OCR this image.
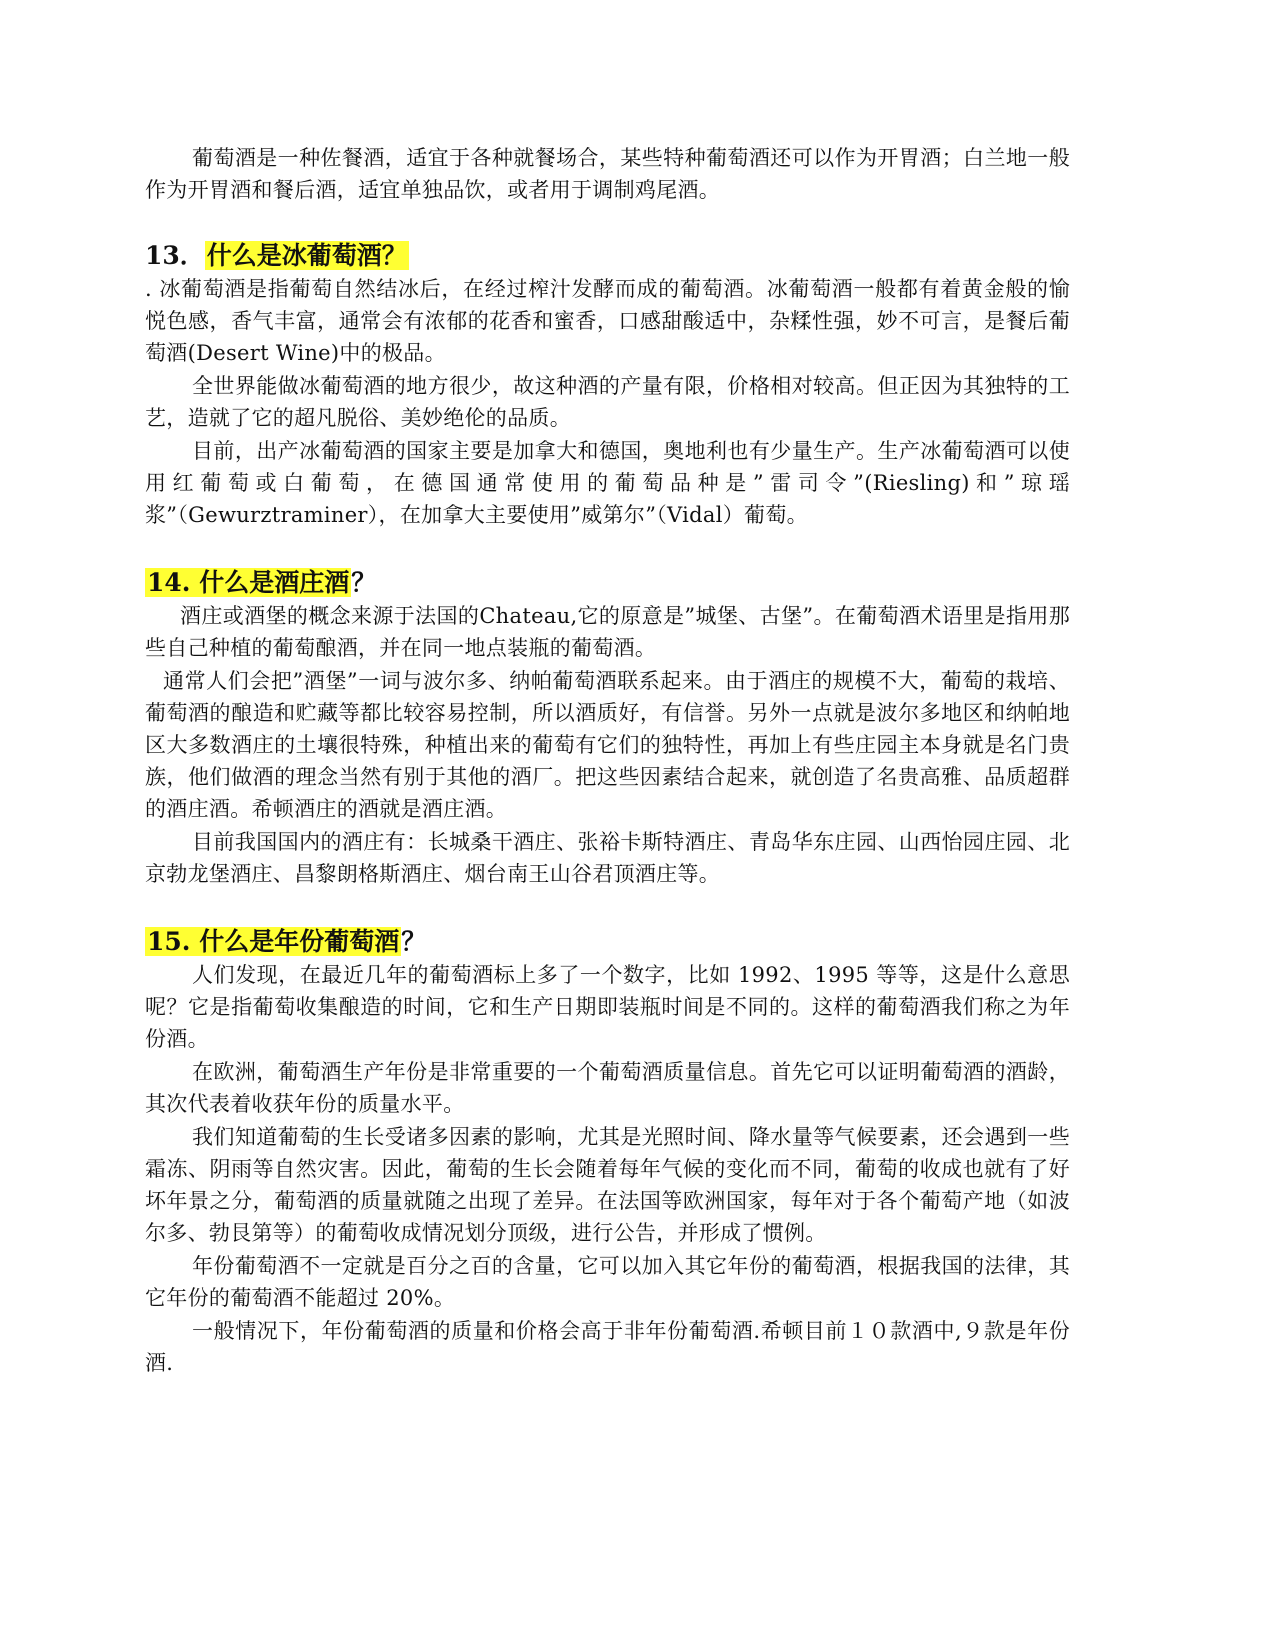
葡萄酒是一种佐餐酒，适宜于各种就餐场合，某些特种葡萄酒还可以作为开胃酒；白兰地一般作为开胃酒和餐后酒，适宜单独品饮，或者用于调制鸡尾酒。

13．什么是冰葡萄酒？

. 冰葡萄酒是指葡萄自然结冰后，在经过榨汁发酵而成的葡萄酒。冰葡萄酒一般都有着黄金般的愉悦色感，香气丰富，通常会有浓郁的花香和蜜香，口感甜酸适中，杂糅性强，妙不可言，是餐后葡萄酒(Desert Wine)中的极品。

全世界能做冰葡萄酒的地方很少，故这种酒的产量有限，价格相对较高。但正因为其独特的工艺，造就了它的超凡脱俗、美妙绝伦的品质。

目前，出产冰葡萄酒的国家主要是加拿大和德国，奥地利也有少量生产。生产冰葡萄酒可以使用红葡萄或白葡萄，在德国通常使用的葡萄品种是”雷司令”(Riesling)和”琼瑶浆”（Gewurztraminer），在加拿大主要使用”威第尔”（Vidal）葡萄。

14. 什么是酒庄酒？

酒庄或酒堡的概念来源于法国的Chateau,它的原意是”城堡、古堡”。在葡萄酒术语里是指用那些自己种植的葡萄酿酒，并在同一地点装瓶的葡萄酒。

通常人们会把”酒堡”一词与波尔多、纳帕葡萄酒联系起来。由于酒庄的规模不大，葡萄的栽培、葡萄酒的酿造和贮藏等都比较容易控制，所以酒质好，有信誉。另外一点就是波尔多地区和纳帕地区大多数酒庄的土壤很特殊，种植出来的葡萄有它们的独特性，再加上有些庄园主本身就是名门贵族，他们做酒的理念当然有别于其他的酒厂。把这些因素结合起来，就创造了名贵高雅、品质超群的酒庄酒。希顿酒庄的酒就是酒庄酒。

目前我国国内的酒庄有：长城桑干酒庄、张裕卡斯特酒庄、青岛华东庄园、山西怡园庄园、北京勃龙堡酒庄、昌黎朗格斯酒庄、烟台南王山谷君顶酒庄等。

15. 什么是年份葡萄酒？

人们发现，在最近几年的葡萄酒标上多了一个数字，比如 1992、1995 等等，这是什么意思呢？它是指葡萄收集酿造的时间，它和生产日期即装瓶时间是不同的。这样的葡萄酒我们称之为年份酒。

在欧洲，葡萄酒生产年份是非常重要的一个葡萄酒质量信息。首先它可以证明葡萄酒的酒龄，其次代表着收获年份的质量水平。

我们知道葡萄的生长受诸多因素的影响，尤其是光照时间、降水量等气候要素，还会遇到一些霜冻、阴雨等自然灾害。因此，葡萄的生长会随着每年气候的变化而不同，葡萄的收成也就有了好坏年景之分，葡萄酒的质量就随之出现了差异。在法国等欧洲国家，每年对于各个葡萄产地（如波尔多、勃艮第等）的葡萄收成情况划分顶级，进行公告，并形成了惯例。

年份葡萄酒不一定就是百分之百的含量，它可以加入其它年份的葡萄酒，根据我国的法律，其它年份的葡萄酒不能超过 20%。

一般情况下，年份葡萄酒的质量和价格会高于非年份葡萄酒.希顿目前１０款酒中,９款是年份酒.
